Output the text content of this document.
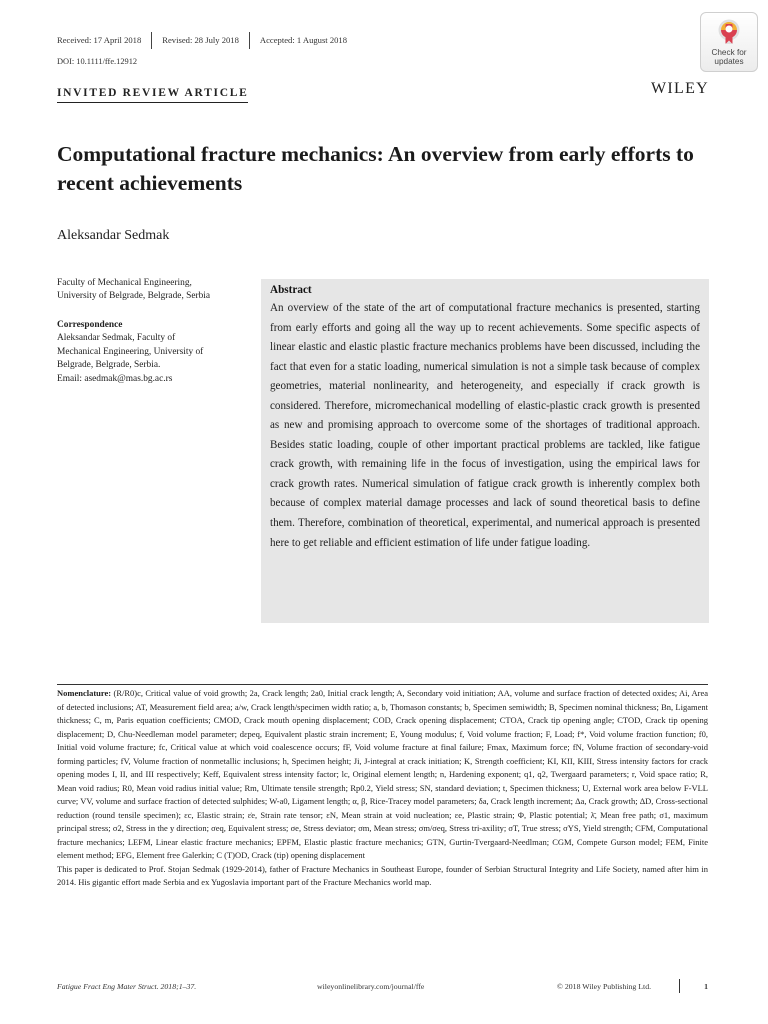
Received: 17 April 2018	Revised: 28 July 2018	Accepted: 1 August 2018
DOI: 10.1111/ffe.12912
Check for
updates
INVITED REVIEW ARTICLE	WILEY
Computational fracture mechanics: An overview from early efforts to recent achievements
Aleksandar Sedmak
Faculty of Mechanical Engineering,
University of Belgrade, Belgrade, Serbia
Correspondence
Aleksandar Sedmak, Faculty of
Mechanical Engineering, University of
Belgrade, Belgrade, Serbia.
Email: asedmak@mas.bg.ac.rs
Abstract

An overview of the state of the art of computational fracture mechanics is presented, starting from early efforts and going all the way up to recent achievements. Some specific aspects of linear elastic and elastic plastic fracture mechanics problems have been discussed, including the fact that even for a static loading, numerical simulation is not a simple task because of complex geometries, material nonlinearity, and heterogeneity, and especially if crack growth is considered. Therefore, micromechanical modelling of elastic-plastic crack growth is presented as new and promising approach to overcome some of the shortages of traditional approach. Besides static loading, couple of other important practical problems are tackled, like fatigue crack growth, with remaining life in the focus of investigation, using the empirical laws for crack growth rates. Numerical simulation of fatigue crack growth is inherently complex both because of complex material damage processes and lack of sound theoretical basis to define them. Therefore, combination of theoretical, experimental, and numerical approach is presented here to get reliable and efficient estimation of life under fatigue loading.

Nomenclature: (R/R0)c, Critical value of void growth; 2a, Crack length; 2a0, Initial crack length; A, Secondary void initiation; AA, volume and surface fraction of detected oxides; Ai, Area of detected inclusions; AT, Measurement field area; a/w, Crack length/specimen width ratio; a, b, Thomason constants; b, Specimen semiwidth; B, Specimen nominal thickness; Bn, Ligament thickness; C, m, Paris equation coefficients; CMOD, Crack mouth opening displacement; COD, Crack opening displacement; CTOA, Crack tip opening angle; CTOD, Crack tip opening displacement; D, Chu-Needleman model parameter; dεpeq, Equivalent plastic strain increment; E, Young modulus; f, Void volume fraction; F, Load; f*, Void volume fraction function; f0, Initial void volume fracture; fc, Critical value at which void coalescence occurs; fF, Void volume fracture at final failure; Fmax, Maximum force; fN, Volume fraction of secondary-void forming particles; fV, Volume fraction of nonmetallic inclusions; h, Specimen height; Ji, J-integral at crack initiation; K, Strength coefficient; KI, KII, KIII, Stress intensity factors for crack opening modes I, II, and III respectively; Keff, Equivalent stress intensity factor; lc, Original element length; n, Hardening exponent; q1, q2, Twergaard parameters; r, Void space ratio; R, Mean void radius; R0, Mean void radius initial value; Rm, Ultimate tensile strength; Rp0.2, Yield stress; SN, standard deviation; t, Specimen thickness; U, External work area below F-VLL curve; VV, volume and surface fraction of detected sulphides; W-a0, Ligament length; α, β, Rice-Tracey model parameters; δa, Crack length increment; Δa, Crack growth; ΔD, Cross-sectional reduction (round tensile specimen); εc, Elastic strain; ε̇e, Strain rate tensor; εN, Mean strain at void nucleation; εe, Plastic strain; Φ, Plastic potential; λ̄, Mean free path; σ1, maximum principal stress; σ2, Stress in the y direction; σeq, Equivalent stress; σe, Stress deviator; σm, Mean stress; σm/σeq, Stress tri-axility; σT, True stress; σYS, Yield strength; CFM, Computational fracture mechanics; LEFM, Linear elastic fracture mechanics; EPFM, Elastic plastic fracture mechanics; GTN, Gurtin-Tvergaard-Needlman; CGM, Compete Gurson model; FEM, Finite element method; EFG, Element free Galerkin; C (T)OD, Crack (tip) opening displacement

This paper is dedicated to Prof. Stojan Sedmak (1929-2014), father of Fracture Mechanics in Southeast Europe, founder of Serbian Structural Integrity and Life Society, named after him in 2014. His gigantic effort made Serbia and ex Yugoslavia important part of the Fracture Mechanics world map.

Fatigue Fract Eng Mater Struct. 2018;1–37.	wileyonlinelibrary.com/journal/ffe	© 2018 Wiley Publishing Ltd.	1
